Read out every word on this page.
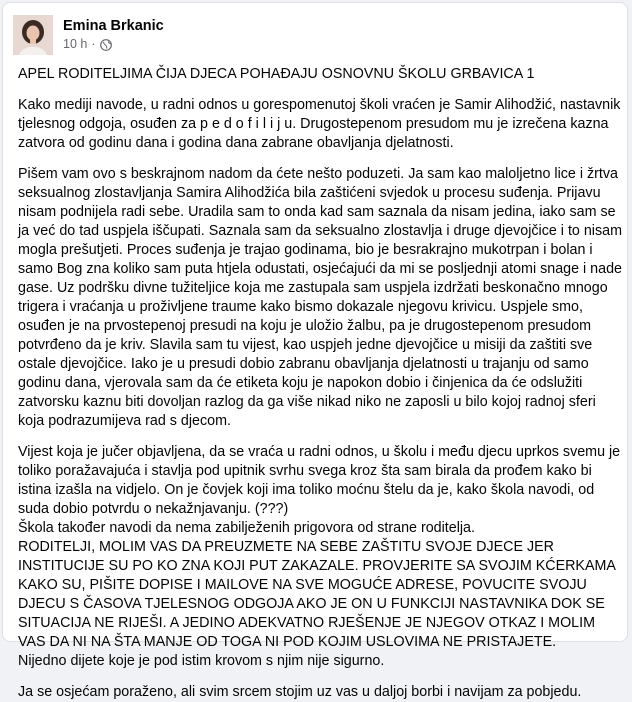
Emina Brkanic
10 h ·

APEL RODITELJIMA ČIJA DJECA POHAĐAJU OSNOVNU ŠKOLU GRBAVICA 1

Kako mediji navode, u radni odnos u gorespomenutoj školi vraćen je Samir Alihodžić, nastavnik tjelesnog odgoja, osuđen za p e d o f i l i j u. Drugostepenom presudom mu je izrečena kazna zatvora od godinu dana i godina dana zabrane obavljanja djelatnosti.

Pišem vam ovo s beskrajnom nadom da ćete nešto poduzeti. Ja sam kao maloljetno lice i žrtva seksualnog zlostavljanja Samira Alihodžića bila zaštićeni svjedok u procesu suđenja. Prijavu nisam podnijela radi sebe. Uradila sam to onda kad sam saznala da nisam jedina, iako sam se ja već do tad uspjela iščupati. Saznala sam da seksualno zlostavlja i druge djevojčice i to nisam mogla prešutjeti. Proces suđenja je trajao godinama, bio je besrakrajno mukotrpan i bolan i samo Bog zna koliko sam puta htjela odustati, osjećajući da mi se posljednji atomi snage i nade gase. Uz podršku divne tužiteljice koja me zastupala sam uspjela izdržati beskonačno mnogo trigera i vraćanja u proživljene traume kako bismo dokazale njegovu krivicu. Uspjele smo, osuđen je na prvostepenoj presudi na koju je uložio žalbu, pa je drugostepenom presudom potvrđeno da je kriv. Slavila sam tu vijest, kao uspjeh jedne djevojčice u misiji da zaštiti sve ostale djevojčice. Iako je u presudi dobio zabranu obavljanja djelatnosti u trajanju od samo godinu dana, vjerovala sam da će etiketa koju je napokon dobio i činjenica da će odslužiti zatvorsku kaznu biti dovoljan razlog da ga više nikad niko ne zaposli u bilo kojoj radnoj sferi koja podrazumijeva rad s djecom.

Vijest koja je jučer objavljena, da se vraća u radni odnos, u školu i među djecu uprkos svemu je toliko poražavajuća i stavlja pod upitnik svrhu svega kroz šta sam birala da prođem kako bi istina izašla na vidjelo. On je čovjek koji ima toliko moćnu štelu da je, kako škola navodi, od suda dobio potvrdu o nekažnjavanju. (???)
Škola također navodi da nema zabilježenih prigovora od strane roditelja.
RODITELJI, MOLIM VAS DA PREUZMETE NA SEBE ZAŠTITU SVOJE DJECE JER INSTITUCIJE SU PO KO ZNA KOJI PUT ZAKAZALE. PROVJERITE SA SVOJIM KĆERKAMA KAKO SU, PIŠITE DOPISE I MAILOVE NA SVE MOGUĆE ADRESE, POVUCITE SVOJU DJECU S ČASOVA TJELESNOG ODGOJA AKO JE ON U FUNKCIJI NASTAVNIKA DOK SE SITUACIJA NE RIJEŠI. A JEDINO ADEKVATNO RJEŠENJE JE NJEGOV OTKAZ I MOLIM VAS DA NI NA ŠTA MANJE OD TOGA NI POD KOJIM USLOVIMA NE PRISTAJETE.
Nijedno dijete koje je pod istim krovom s njim nije sigurno.

Ja se osjećam poraženo, ali svim srcem stojim uz vas u daljoj borbi i navijam za pobjedu.
